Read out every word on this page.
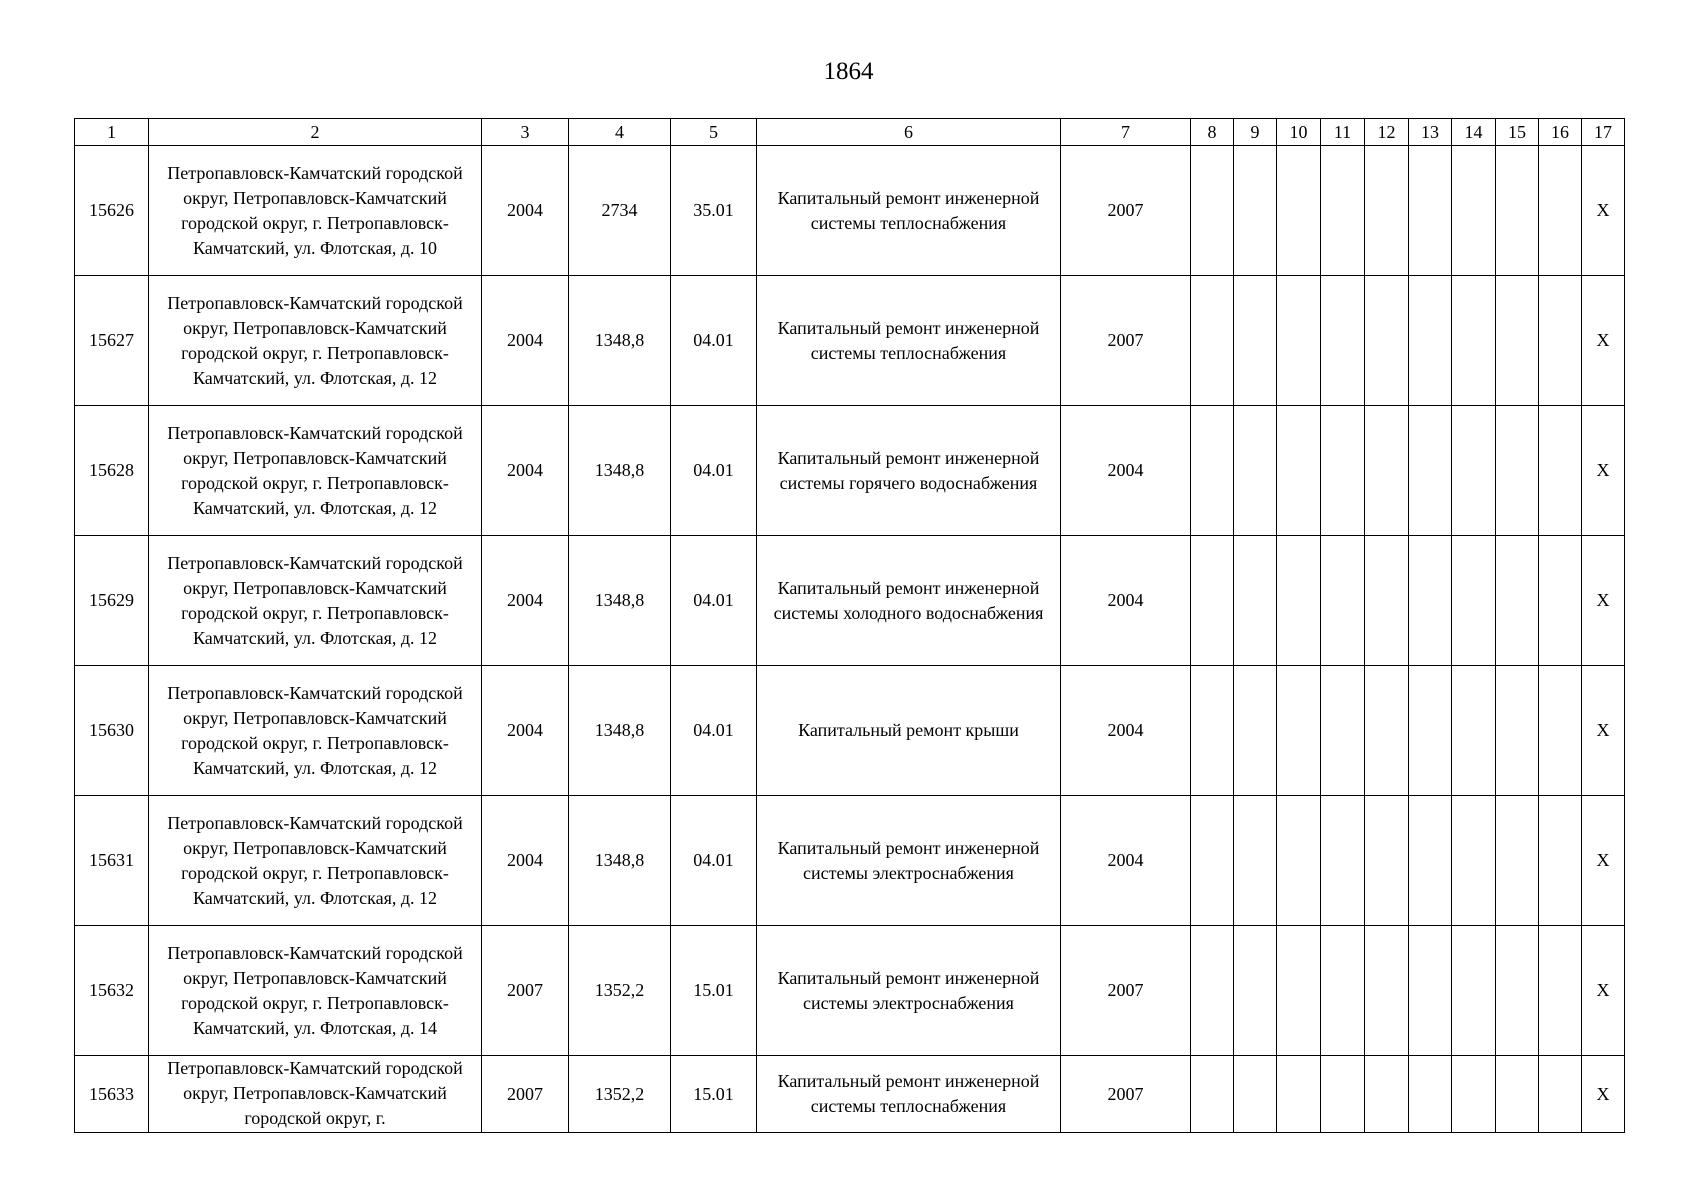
1864
1	2	3	4	5	6	7	8	9	10	11	12	13	14	15	16	17
15626	Петропавловск-Камчатский городской округ, Петропавловск-Камчатский городской округ, г. Петропавловск-Камчатский, ул. Флотская, д. 10	2004	2734	35.01	Капитальный ремонт инженерной системы теплоснабжения	2007										X
15627	Петропавловск-Камчатский городской округ, Петропавловск-Камчатский городской округ, г. Петропавловск-Камчатский, ул. Флотская, д. 12	2004	1348,8	04.01	Капитальный ремонт инженерной системы теплоснабжения	2007										X
15628	Петропавловск-Камчатский городской округ, Петропавловск-Камчатский городской округ, г. Петропавловск-Камчатский, ул. Флотская, д. 12	2004	1348,8	04.01	Капитальный ремонт инженерной системы горячего водоснабжения	2004										X
15629	Петропавловск-Камчатский городской округ, Петропавловск-Камчатский городской округ, г. Петропавловск-Камчатский, ул. Флотская, д. 12	2004	1348,8	04.01	Капитальный ремонт инженерной системы холодного водоснабжения	2004										X
15630	Петропавловск-Камчатский городской округ, Петропавловск-Камчатский городской округ, г. Петропавловск-Камчатский, ул. Флотская, д. 12	2004	1348,8	04.01	Капитальный ремонт крыши	2004										X
15631	Петропавловск-Камчатский городской округ, Петропавловск-Камчатский городской округ, г. Петропавловск-Камчатский, ул. Флотская, д. 12	2004	1348,8	04.01	Капитальный ремонт инженерной системы электроснабжения	2004										X
15632	Петропавловск-Камчатский городской округ, Петропавловск-Камчатский городской округ, г. Петропавловск-Камчатский, ул. Флотская, д. 14	2007	1352,2	15.01	Капитальный ремонт инженерной системы электроснабжения	2007										X
15633	Петропавловск-Камчатский городской округ, Петропавловск-Камчатский городской округ, г.	2007	1352,2	15.01	Капитальный ремонт инженерной системы теплоснабжения	2007										X
